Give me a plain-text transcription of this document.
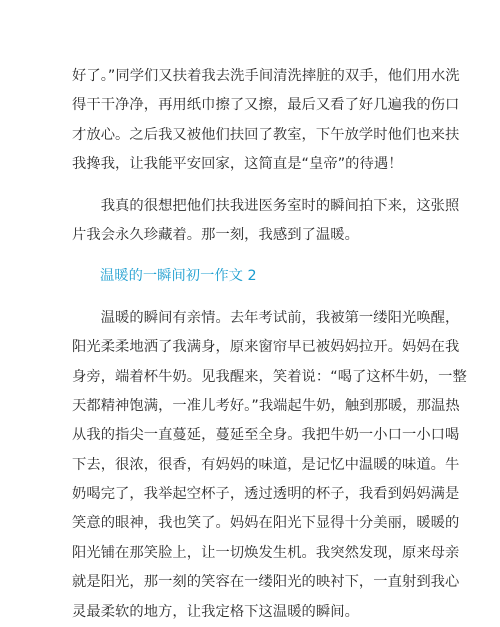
好了。”同学们又扶着我去洗手间清洗摔脏的双手，他们用水洗
得干干净净，再用纸巾擦了又擦，最后又看了好几遍我的伤口
才放心。之后我又被他们扶回了教室，下午放学时他们也来扶
我搀我，让我能平安回家，这简直是“皇帝”的待遇！
　　我真的很想把他们扶我进医务室时的瞬间拍下来，这张照
片我会永久珍藏着。那一刻，我感到了温暖。
温暖的一瞬间初一作文 2
　　温暖的瞬间有亲情。去年考试前，我被第一缕阳光唤醒，
阳光柔柔地洒了我满身，原来窗帘早已被妈妈拉开。妈妈在我
身旁，端着杯牛奶。见我醒来，笑着说：“喝了这杯牛奶，一整
天都精神饱满，一准儿考好。”我端起牛奶，触到那暖，那温热
从我的指尖一直蔓延，蔓延至全身。我把牛奶一小口一小口喝
下去，很浓，很香，有妈妈的味道，是记忆中温暖的味道。牛
奶喝完了，我举起空杯子，透过透明的杯子，我看到妈妈满是
笑意的眼神，我也笑了。妈妈在阳光下显得十分美丽，暖暖的
阳光铺在那笑脸上，让一切焕发生机。我突然发现，原来母亲
就是阳光，那一刻的笑容在一缕阳光的映衬下，一直射到我心
灵最柔软的地方，让我定格下这温暖的瞬间。
